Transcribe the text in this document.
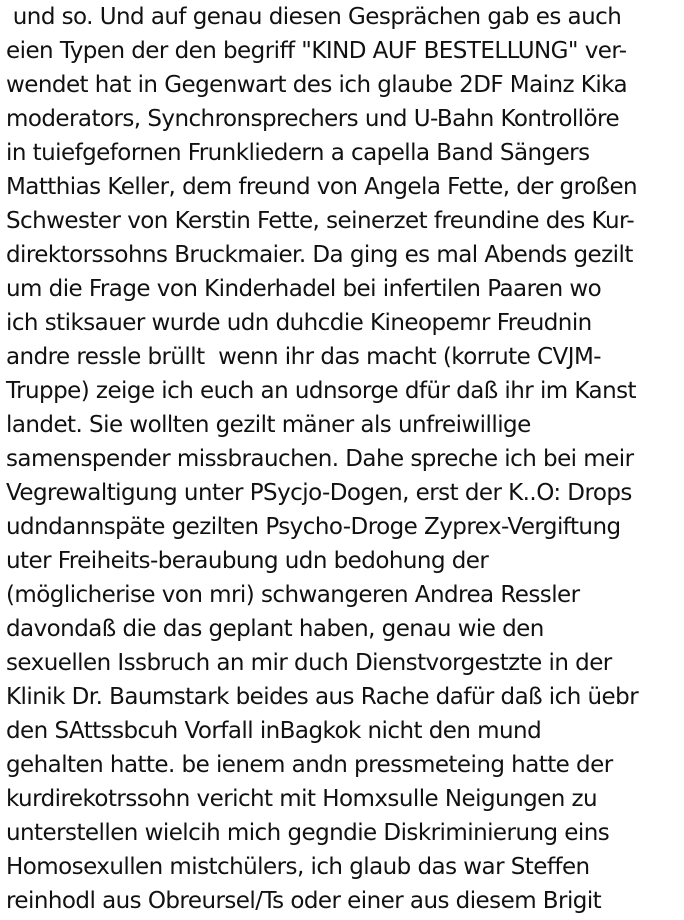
und so. Und auf genau diesen Gesprächen gab es auch
eien Typen der den begriff "KIND AUF BESTELLUNG" ver-
wendet hat in Gegenwart des ich glaube 2DF Mainz Kika
moderators, Synchronsprechers und U-Bahn Kontrollöre
in tuiefgefornen Frunkliedern a capella Band Sängers
Matthias Keller, dem freund von Angela Fette, der großen
Schwester von Kerstin Fette, seinerzet freundine des Kur-
direktorssohns Bruckmaier. Da ging es mal Abends gezilt
um die Frage von Kinderhadel bei infertilen Paaren wo
ich stiksauer wurde udn duhcdie Kineopemr Freudnin
andre ressle brüllt  wenn ihr das macht (korrute CVJM-
Truppe) zeige ich euch an udnsorge dfür daß ihr im Kanst
landet. Sie wollten gezilt mäner als unfreiwillige
samenspender missbrauchen. Dahe spreche ich bei meir
Vegrewaltigung unter PSycjo-Dogen, erst der K..O: Drops
udndannspäte gezilten Psycho-Droge Zyprex-Vergiftung
uter Freiheits-beraubung udn bedohung der
(möglicherise von mri) schwangeren Andrea Ressler
davondaß die das geplant haben, genau wie den
sexuellen Issbruch an mir duch Dienstvorgestzte in der
Klinik Dr. Baumstark beides aus Rache dafür daß ich üebr
den SAttssbcuh Vorfall inBagkok nicht den mund
gehalten hatte. be ienem andn pressmeteing hatte der
kurdirekotrssohn vericht mit Homxsulle Neigungen zu
unterstellen wielcih mich gegndie Diskriminierung eins
Homosexullen mistchülers, ich glaub das war Steffen
reinhodl aus Obreursel/Ts oder einer aus diesem Brigit
